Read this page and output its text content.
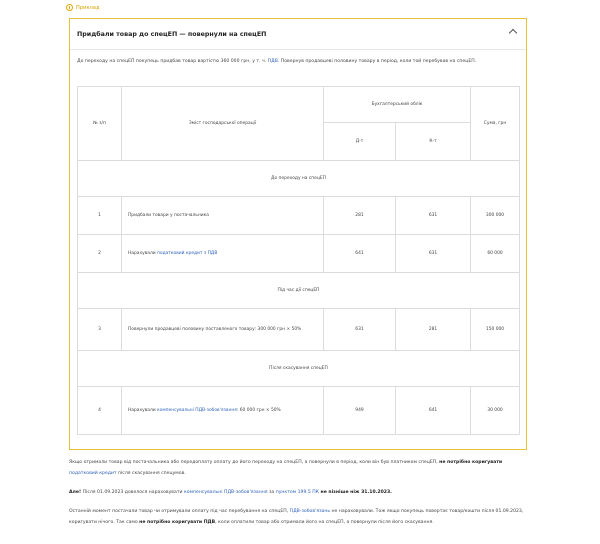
Приклад
Придбали товар до спецЕП — повернули на спецЕП

До переходу на спецЕП покупець придбав товар вартістю 360 000 грн, у т. ч. ПДВ. Повернув продавцеві половину товару в період, коли той перебував на спецЕП.

№ з/п	Зміст господарської операції	Бухгалтерський облік		Сума, грн
		Д-т	К-т	
До переходу на спецЕП				
1	Придбали товари у постачальника	281	631	300 000
2	Нарахували податковий кредит з ПДВ	641	631	60 000
Під час дії спецЕП				
3	Повернули продавцеві половину поставленого товару: 300 000 грн × 50%	631	281	150 000
Після скасування спецЕП				
4	Нарахували компенсувальні ПДВ-зобов'язання: 60 000 грн × 50%	949	641	30 000

Якщо отримали товар від постачальника або передоплату оплату до його переходу на спецЕП, а повернули в період, коли він був платником спецЕП, не потрібно коригувати податковий кредит після скасування спецумов.

Але! Після 01.09.2023 довелося нараховувати компенсувальні ПДВ-зобов'язання за пунктом 199.5 ПК не пізніше ніж 31.10.2023.

Останній момент постачали товар чи отримували оплату під час перебування на спецЕП, ПДВ-зобов'язань не нараховували. Тож якщо покупець повертає товар/кошти після 01.09.2023, коригувати нічого. Так само не потрібно коригувати ПДВ, коли оплатили товар або отримали його на спецЕП, а повернули після його скасування.
